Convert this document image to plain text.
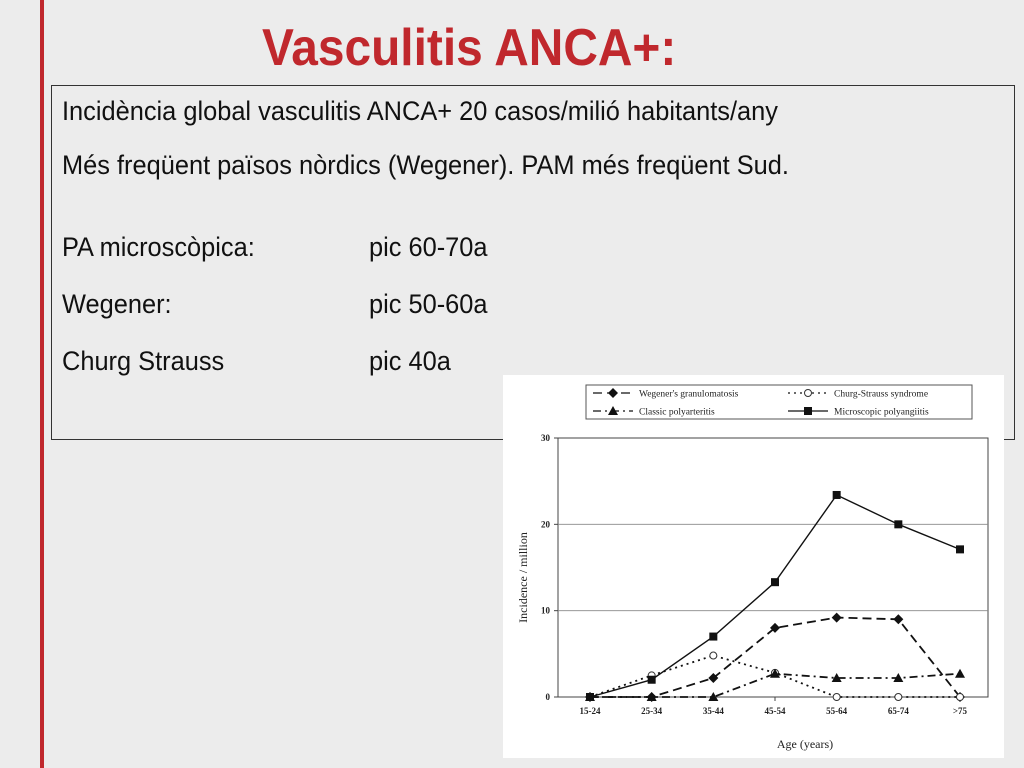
Vasculitis ANCA+:
Incidència global vasculitis ANCA+ 20 casos/milió habitants/any
Més freqüent països nòrdics (Wegener). PAM més freqüent Sud.
PA microscòpica:	pic 60-70a
Wegener:	pic 50-60a
Churg Strauss	pic 40a
Wegener's granulomatosis	Churg-Strauss syndrome
Classic polyarteritis	Microscopic polyangiitis
0
10
20
30
15-24	25-34	35-44	45-54	55-64	65-74	>75
Incidence / million
Age (years)
